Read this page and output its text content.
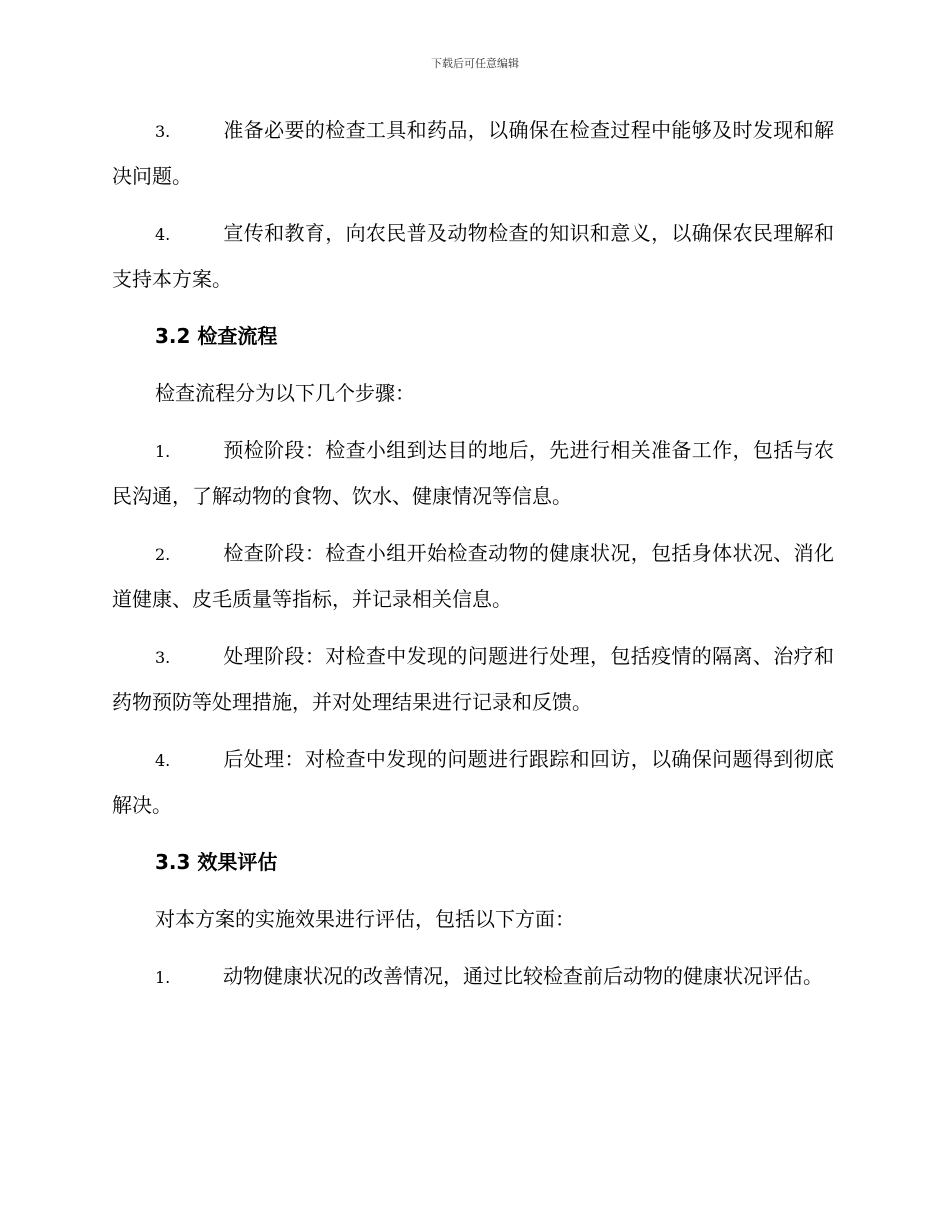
下载后可任意编辑

3.	准备必要的检查工具和药品，以确保在检查过程中能够及时发现和解决问题。

4.	宣传和教育，向农民普及动物检查的知识和意义，以确保农民理解和支持本方案。

3.2 检查流程

检查流程分为以下几个步骤：

1.	预检阶段：检查小组到达目的地后，先进行相关准备工作，包括与农民沟通，了解动物的食物、饮水、健康情况等信息。

2.	检查阶段：检查小组开始检查动物的健康状况，包括身体状况、消化道健康、皮毛质量等指标，并记录相关信息。

3.	处理阶段：对检查中发现的问题进行处理，包括疫情的隔离、治疗和药物预防等处理措施，并对处理结果进行记录和反馈。

4.	后处理：对检查中发现的问题进行跟踪和回访，以确保问题得到彻底解决。

3.3 效果评估

对本方案的实施效果进行评估，包括以下方面：

1.	动物健康状况的改善情况，通过比较检查前后动物的健康状况评估。
